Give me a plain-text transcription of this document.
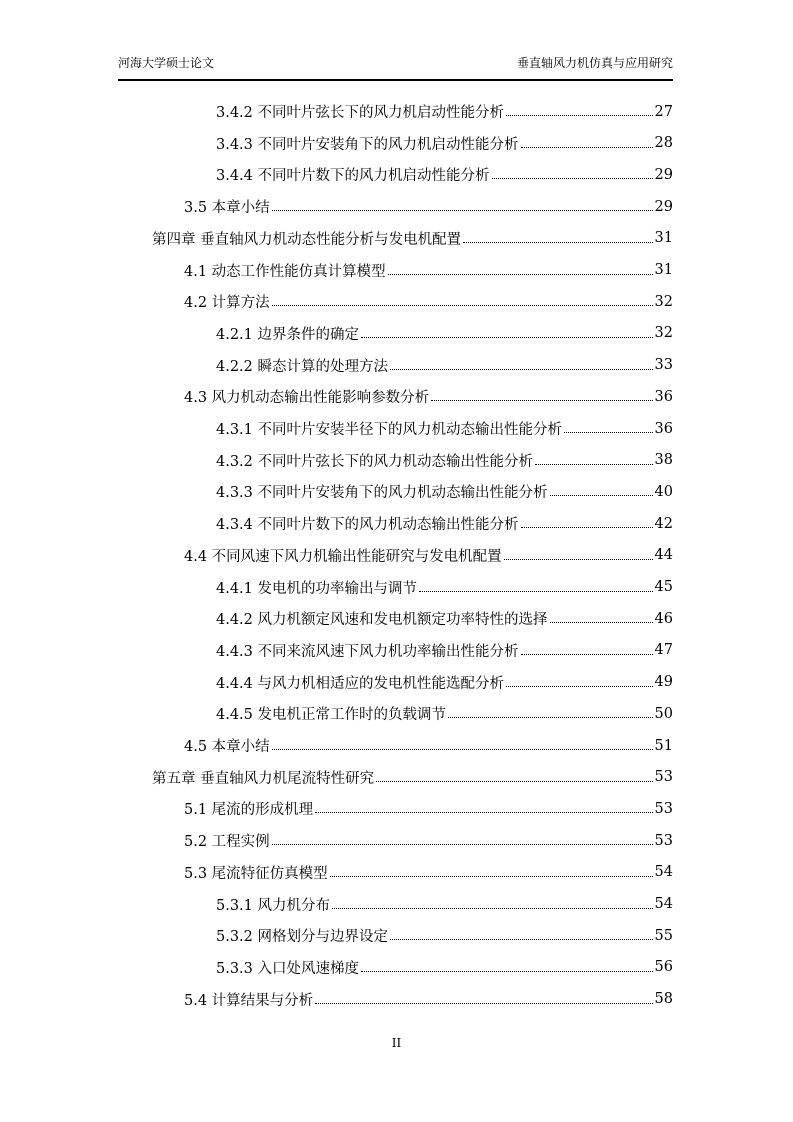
河海大学硕士论文	垂直轴风力机仿真与应用研究
3.4.2 不同叶片弦长下的风力机启动性能分析	27
3.4.3 不同叶片安装角下的风力机启动性能分析	28
3.4.4 不同叶片数下的风力机启动性能分析	29
3.5 本章小结	29
第四章 垂直轴风力机动态性能分析与发电机配置	31
4.1 动态工作性能仿真计算模型	31
4.2 计算方法	32
4.2.1 边界条件的确定	32
4.2.2 瞬态计算的处理方法	33
4.3 风力机动态输出性能影响参数分析	36
4.3.1 不同叶片安装半径下的风力机动态输出性能分析	36
4.3.2 不同叶片弦长下的风力机动态输出性能分析	38
4.3.3 不同叶片安装角下的风力机动态输出性能分析	40
4.3.4 不同叶片数下的风力机动态输出性能分析	42
4.4 不同风速下风力机输出性能研究与发电机配置	44
4.4.1 发电机的功率输出与调节	45
4.4.2 风力机额定风速和发电机额定功率特性的选择	46
4.4.3 不同来流风速下风力机功率输出性能分析	47
4.4.4 与风力机相适应的发电机性能选配分析	49
4.4.5 发电机正常工作时的负载调节	50
4.5 本章小结	51
第五章 垂直轴风力机尾流特性研究	53
5.1 尾流的形成机理	53
5.2 工程实例	53
5.3 尾流特征仿真模型	54
5.3.1 风力机分布	54
5.3.2 网格划分与边界设定	55
5.3.3 入口处风速梯度	56
5.4 计算结果与分析	58
II
